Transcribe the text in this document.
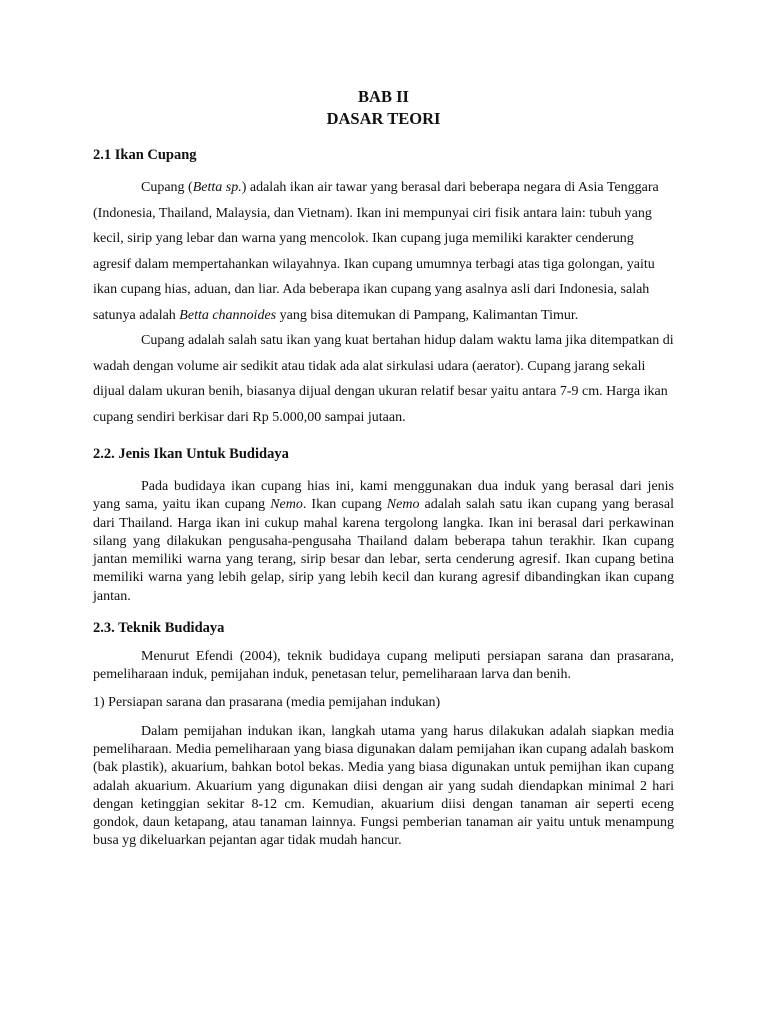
BAB II
DASAR TEORI
2.1 Ikan Cupang

Cupang (Betta sp.) adalah ikan air tawar yang berasal dari beberapa negara di Asia Tenggara (Indonesia, Thailand, Malaysia, dan Vietnam). Ikan ini mempunyai ciri fisik antara lain: tubuh yang kecil, sirip yang lebar dan warna yang mencolok. Ikan cupang juga memiliki karakter cenderung agresif dalam mempertahankan wilayahnya. Ikan cupang umumnya terbagi atas tiga golongan, yaitu ikan cupang hias, aduan, dan liar. Ada beberapa ikan cupang yang asalnya asli dari Indonesia, salah satunya adalah Betta channoides yang bisa ditemukan di Pampang, Kalimantan Timur.

Cupang adalah salah satu ikan yang kuat bertahan hidup dalam waktu lama jika ditempatkan di wadah dengan volume air sedikit atau tidak ada alat sirkulasi udara (aerator). Cupang jarang sekali dijual dalam ukuran benih, biasanya dijual dengan ukuran relatif besar yaitu antara 7-9 cm. Harga ikan cupang sendiri berkisar dari Rp 5.000,00 sampai jutaan.

2.2. Jenis Ikan Untuk Budidaya

Pada budidaya ikan cupang hias ini, kami menggunakan dua induk yang berasal dari jenis yang sama, yaitu ikan cupang Nemo. Ikan cupang Nemo adalah salah satu ikan cupang yang berasal dari Thailand. Harga ikan ini cukup mahal karena tergolong langka. Ikan ini berasal dari perkawinan silang yang dilakukan pengusaha-pengusaha Thailand dalam beberapa tahun terakhir. Ikan cupang jantan memiliki warna yang terang, sirip besar dan lebar, serta cenderung agresif. Ikan cupang betina memiliki warna yang lebih gelap, sirip yang lebih kecil dan kurang agresif dibandingkan ikan cupang jantan.

2.3. Teknik Budidaya

Menurut Efendi (2004), teknik budidaya cupang meliputi persiapan sarana dan prasarana, pemeliharaan induk, pemijahan induk, penetasan telur, pemeliharaan larva dan benih.

1) Persiapan sarana dan prasarana (media pemijahan indukan)

Dalam pemijahan indukan ikan, langkah utama yang harus dilakukan adalah siapkan media pemeliharaan. Media pemeliharaan yang biasa digunakan dalam pemijahan ikan cupang adalah baskom (bak plastik), akuarium, bahkan botol bekas. Media yang biasa digunakan untuk pemijhan ikan cupang adalah akuarium. Akuarium yang digunakan diisi dengan air yang sudah diendapkan minimal 2 hari dengan ketinggian sekitar 8-12 cm. Kemudian, akuarium diisi dengan tanaman air seperti eceng gondok, daun ketapang, atau tanaman lainnya. Fungsi pemberian tanaman air yaitu untuk menampung busa yg dikeluarkan pejantan agar tidak mudah hancur.
